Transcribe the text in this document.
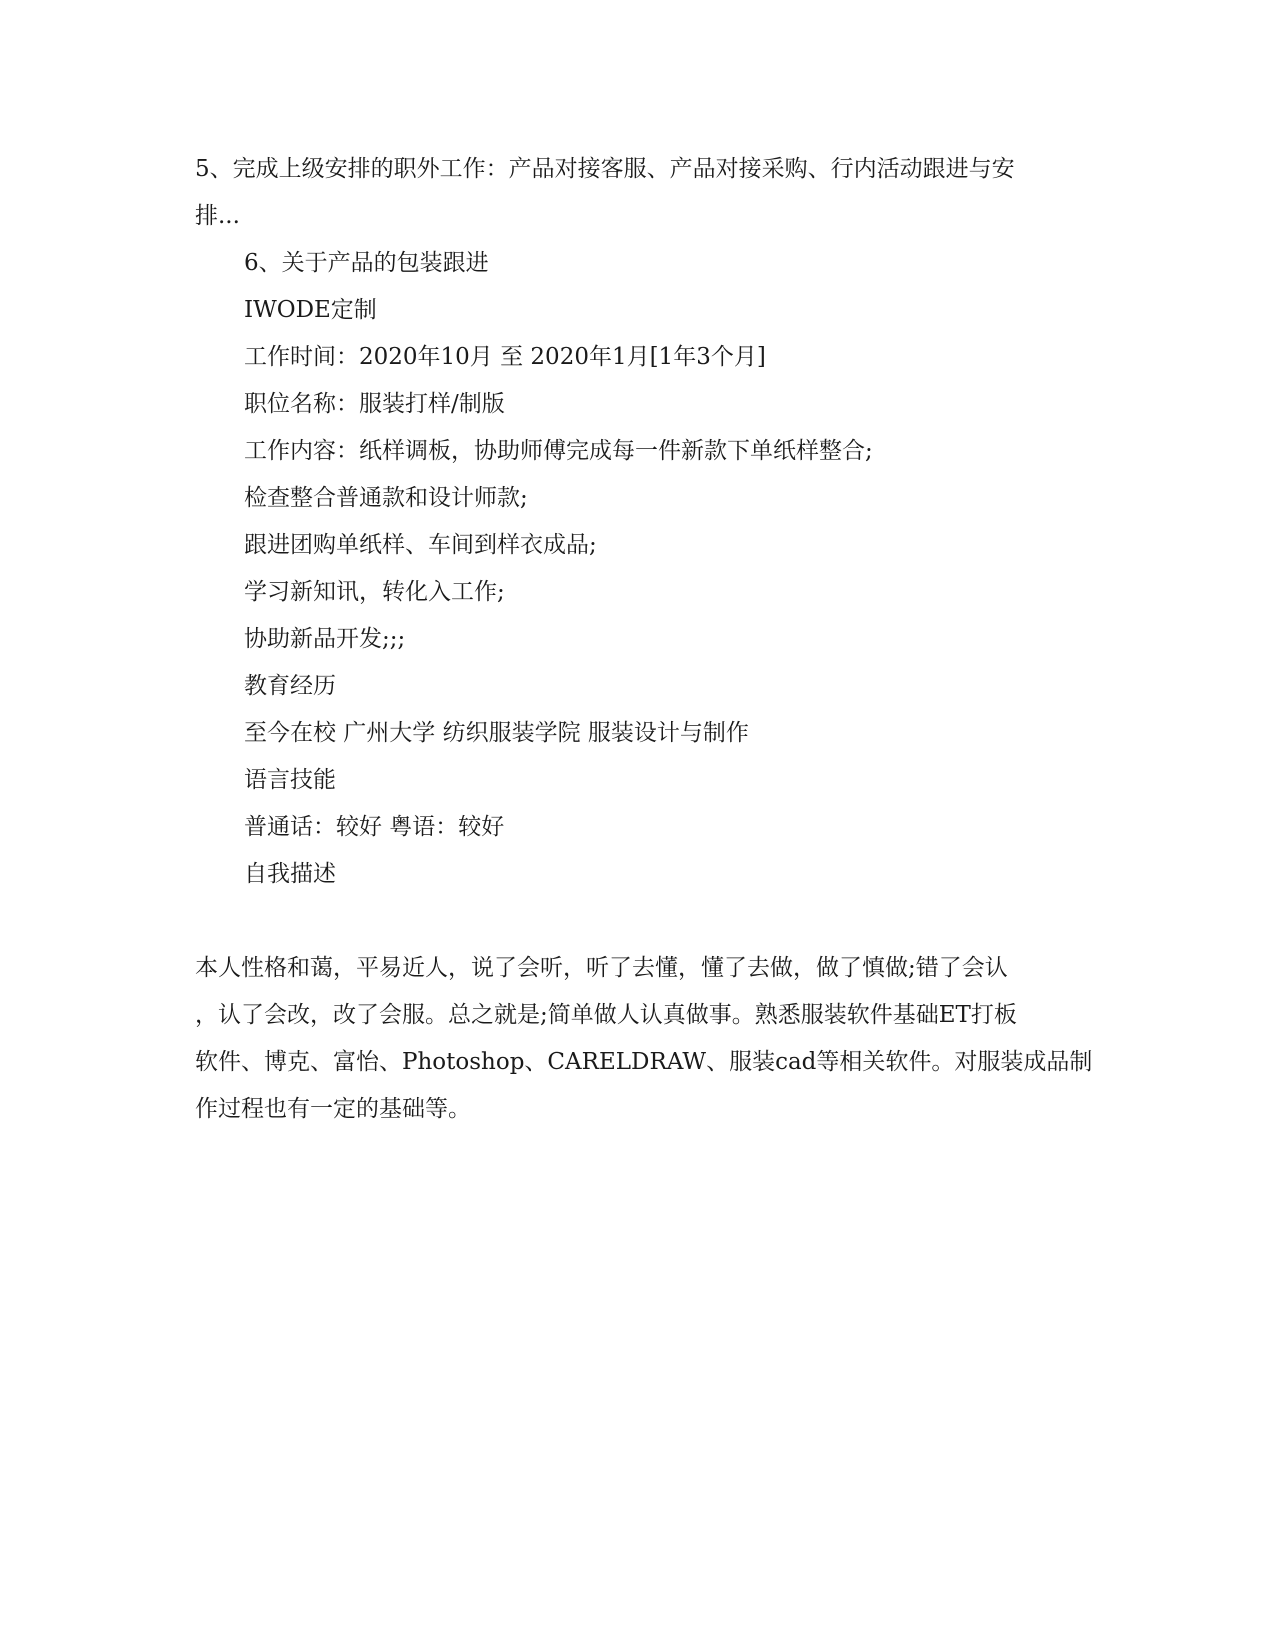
5、完成上级安排的职外工作：产品对接客服、产品对接采购、行内活动跟进与安
排...
6、关于产品的包装跟进
IWODE定制
工作时间：2020年10月 至 2020年1月[1年3个月]
职位名称：服装打样/制版
工作内容：纸样调板，协助师傅完成每一件新款下单纸样整合;
检查整合普通款和设计师款;
跟进团购单纸样、车间到样衣成品;
学习新知讯，转化入工作;
协助新品开发;;;
教育经历
至今在校 广州大学 纺织服装学院 服装设计与制作
语言技能
普通话：较好 粤语：较好
自我描述
本人性格和蔼，平易近人，说了会听，听了去懂，懂了去做，做了慎做;错了会认
，认了会改，改了会服。总之就是;简单做人认真做事。熟悉服装软件基础ET打板
软件、博克、富怡、Photoshop、CARELDRAW、服装cad等相关软件。对服装成品制
作过程也有一定的基础等。
